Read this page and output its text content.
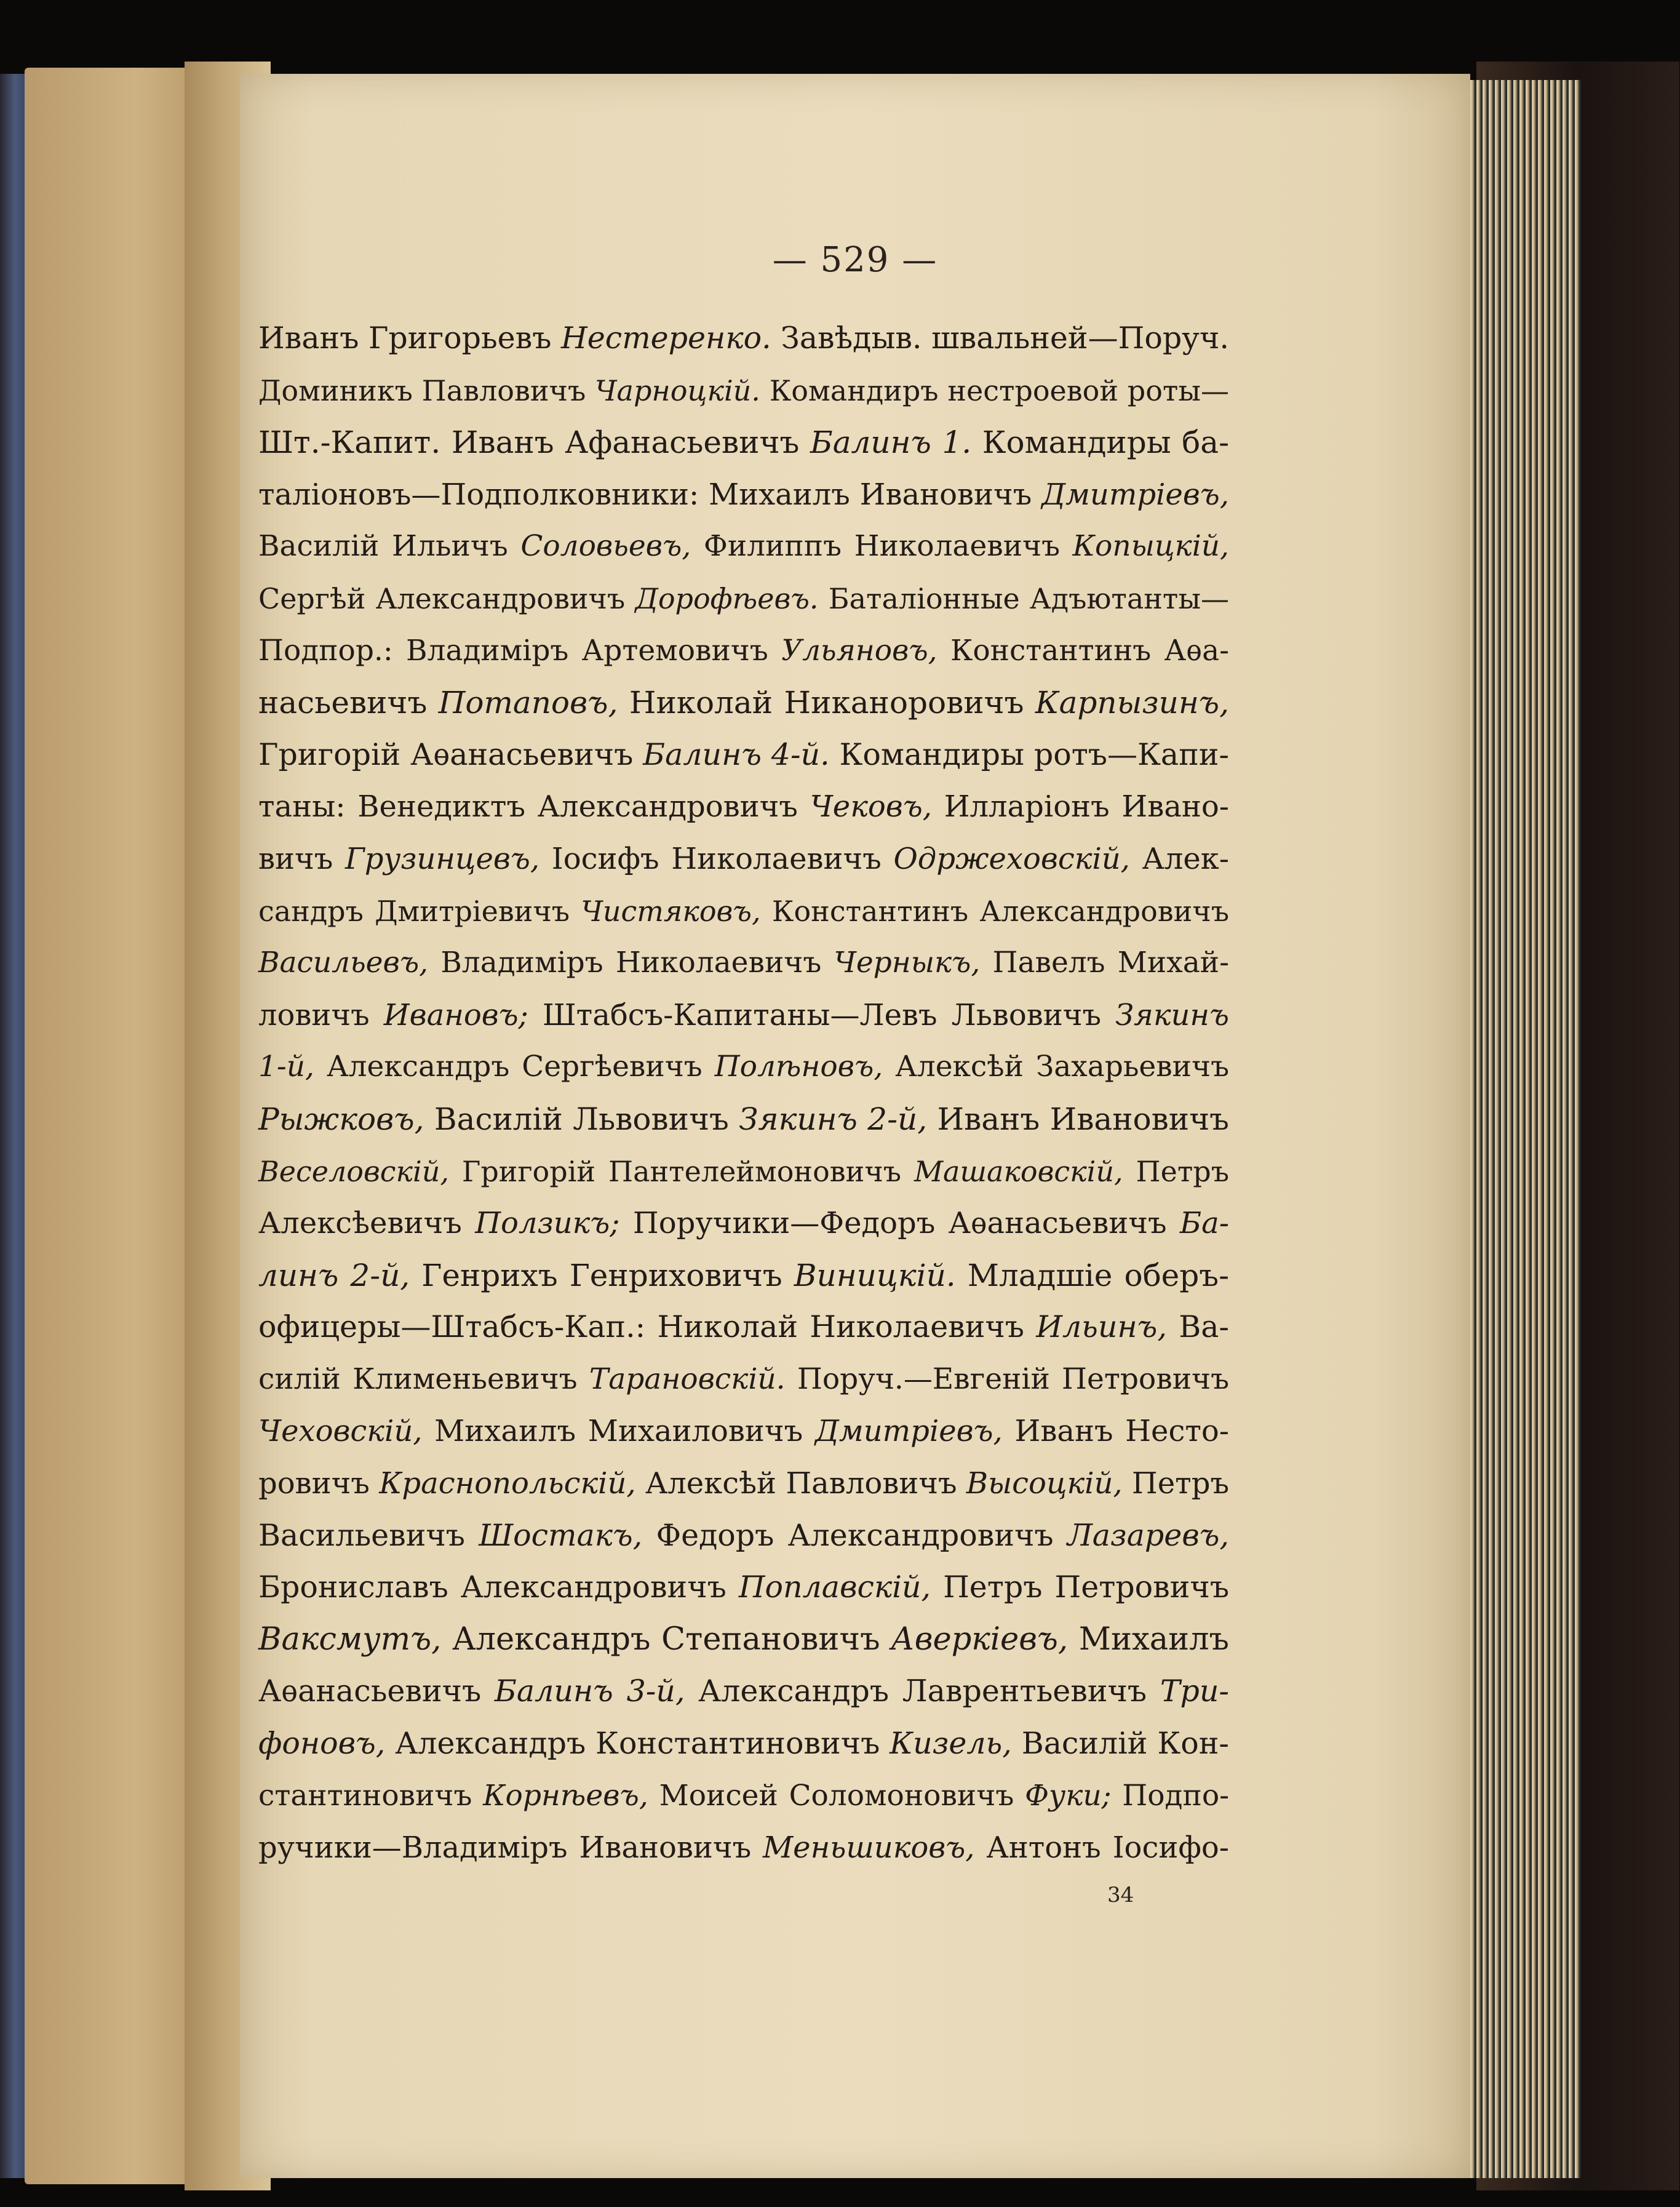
— 529 —
Иванъ Григорьевъ Нестеренко. Завѣдыв. швальней—Поруч.
Доминикъ Павловичъ Чарноцкій. Командиръ нестроевой роты—
Шт.-Капит. Иванъ Афанасьевичъ Балинъ 1. Командиры ба-
таліоновъ—Подполковники: Михаилъ Ивановичъ Дмитріевъ,
Василій Ильичъ Соловьевъ, Филиппъ Николаевичъ Копыцкій,
Сергѣй Александровичъ Дорофѣевъ. Баталіонные Адъютанты—
Подпор.: Владиміръ Артемовичъ Ульяновъ, Константинъ Аѳа-
насьевичъ Потаповъ, Николай Никаноровичъ Карпызинъ,
Григорій Аѳанасьевичъ Балинъ 4-й. Командиры ротъ—Капи-
таны: Венедиктъ Александровичъ Чековъ, Илларіонъ Ивано-
вичъ Грузинцевъ, Іосифъ Николаевичъ Одржеховскій, Алек-
сандръ Дмитріевичъ Чистяковъ, Константинъ Александровичъ
Васильевъ, Владиміръ Николаевичъ Черныкъ, Павелъ Михай-
ловичъ Ивановъ; Штабсъ-Капитаны—Левъ Львовичъ Зякинъ
1-й, Александръ Сергѣевичъ Полѣновъ, Алексѣй Захарьевичъ
Рыжковъ, Василій Львовичъ Зякинъ 2-й, Иванъ Ивановичъ
Веселовскій, Григорій Пантелеймоновичъ Машаковскій, Петръ
Алексѣевичъ Ползикъ; Поручики—Федоръ Аѳанасьевичъ Ба-
линъ 2-й, Генрихъ Генриховичъ Виницкій. Младшіе оберъ-
офицеры—Штабсъ-Кап.: Николай Николаевичъ Ильинъ, Ва-
силій Клименьевичъ Тарановскій. Поруч.—Евгеній Петровичъ
Чеховскій, Михаилъ Михаиловичъ Дмитріевъ, Иванъ Несто-
ровичъ Краснопольскій, Алексѣй Павловичъ Высоцкій, Петръ
Васильевичъ Шостакъ, Федоръ Александровичъ Лазаревъ,
Брониславъ Александровичъ Поплавскій, Петръ Петровичъ
Ваксмутъ, Александръ Степановичъ Аверкіевъ, Михаилъ
Аѳанасьевичъ Балинъ 3-й, Александръ Лаврентьевичъ Три-
фоновъ, Александръ Константиновичъ Кизель, Василій Кон-
стантиновичъ Корнѣевъ, Моисей Соломоновичъ Фуки; Подпо-
ручики—Владиміръ Ивановичъ Меньшиковъ, Антонъ Іосифо-
34
